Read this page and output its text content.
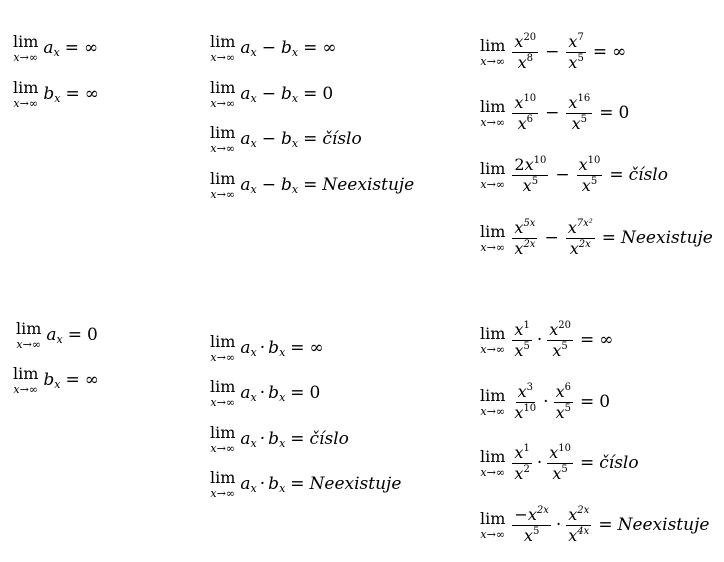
lim
x→∞ a x = ∞
lim
x→∞ b x = ∞
lim
x→∞ a x − b x = ∞
lim
x→∞ a x − b x = 0
lim
x→∞ a x − b x = číslo
lim
x→∞ a x − b x = Neexistuje
lim
$x\to\infty \frac{x^{20}}{x^8} - \frac{x^7}{x^5}$ = ∞
lim
$x\to\infty \frac{x^{10}}{x^6} - \frac{x^{16}}{x^5} = 0$
lim
$x\to\infty \frac{2x^{10}}{x^5} - \frac{x^{10}}{x^5}$ = číslo
lim
$x\to\infty \frac{x^{5x}}{x^{2x}} - \frac{x^{7x^2}}{x^{2x}}$ = Neexistuje
lim
x→∞ a x = 0
lim
x→∞ b x = ∞
lim
x→∞ a x · b x = ∞
lim
x→∞ a x · b x = 0
lim
x→∞ a x · b x = číslo
lim
x→∞ a x · b x = Neexistuje
lim
$x\to\infty \frac{x^1}{x^5} \cdot \frac{x^{20}}{x^5}$ = ∞
lim
$x\to\infty \frac{x^3}{x^{10}} \cdot \frac{x^6}{x^5} = 0$
lim
$x\to\infty \frac{x^1}{x^2} \cdot \frac{x^{10}}{x^5}$ = číslo
lim
$x\to\infty \frac{-x^{2x}}{x^5} \cdot \frac{x^{2x}}{x^{4x}}$ = Neexistuje
